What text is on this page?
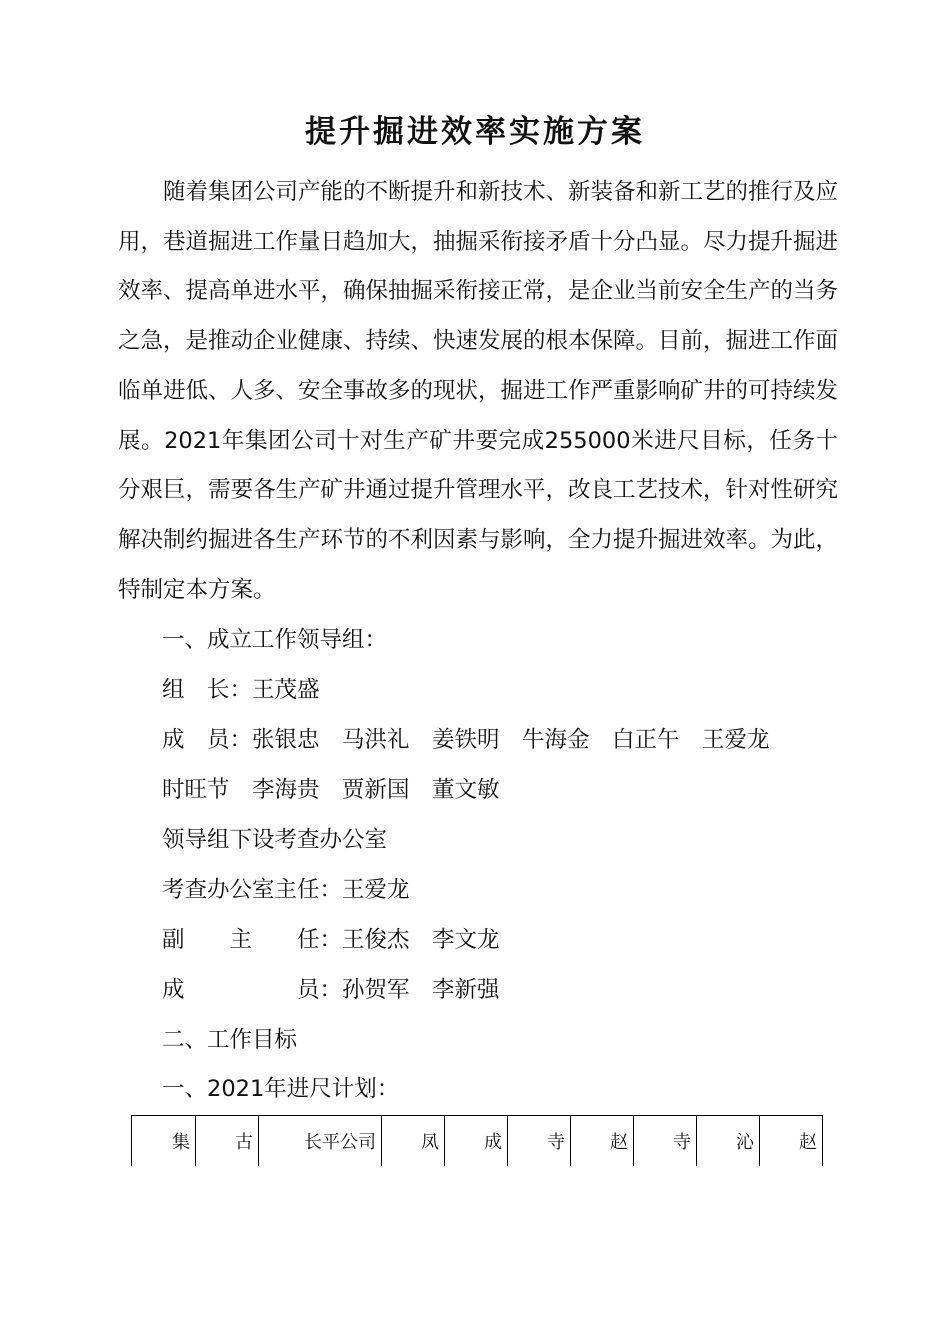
提升掘进效率实施方案

随着集团公司产能的不断提升和新技术、新装备和新工艺的推行及应用，巷道掘进工作量日趋加大，抽掘采衔接矛盾十分凸显。尽力提升掘进效率、提高单进水平，确保抽掘采衔接正常，是企业当前安全生产的当务之急，是推动企业健康、持续、快速发展的根本保障。目前，掘进工作面临单进低、人多、安全事故多的现状，掘进工作严重影响矿井的可持续发展。2021年集团公司十对生产矿井要完成255000米进尺目标，任务十分艰巨，需要各生产矿井通过提升管理水平，改良工艺技术，针对性研究解决制约掘进各生产环节的不利因素与影响，全力提升掘进效率。为此，特制定本方案。

一、成立工作领导组：
组　长：王茂盛
成　员：张银忠　马洪礼　姜铁明　牛海金　白正午　王爱龙
时旺节　李海贵　贾新国　董文敏
领导组下设考查办公室
考查办公室主任：王爱龙
副　　主　　任：王俊杰　李文龙
成　　　　　员：孙贺军　李新强
二、工作目标
一、2021年进尺计划：
集	古	长平公司	凤	成	寺	赵	寺	沁	赵
